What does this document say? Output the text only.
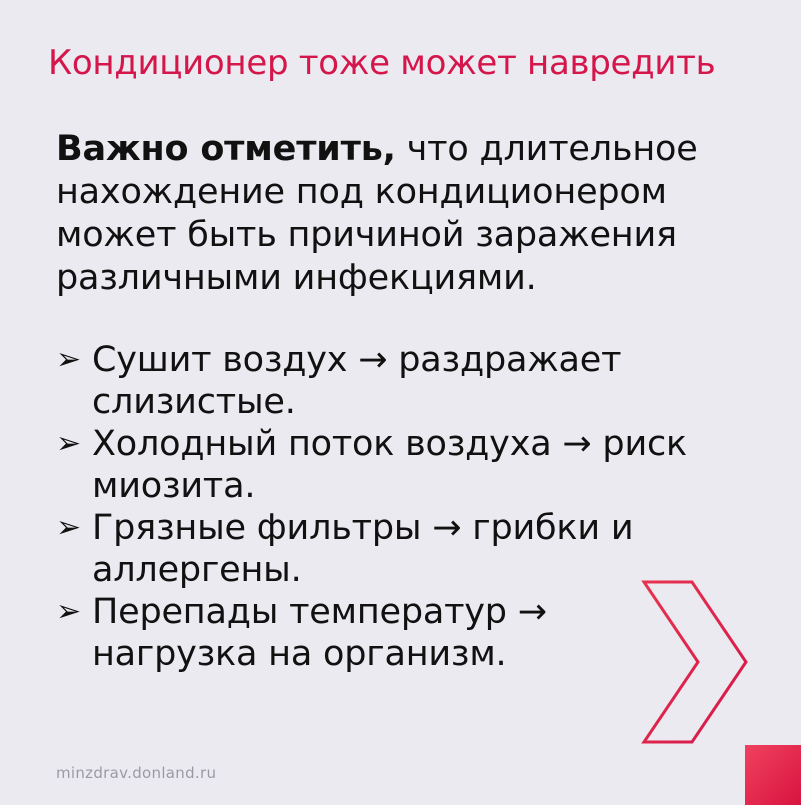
Кондиционер тоже может навредить

Важно отметить, что длительное нахождение под кондиционером может быть причиной заражения различными инфекциями.

➢ Сушит воздух → раздражает слизистые.
➢ Холодный поток воздуха → риск миозита.
➢ Грязные фильтры → грибки и аллергены.
➢ Перепады температур → нагрузка на организм.
minzdrav.donland.ru
